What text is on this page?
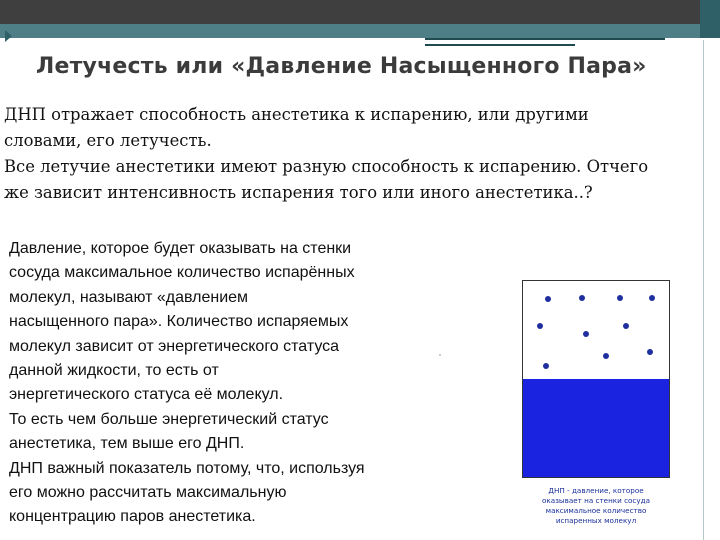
Летучесть или «Давление Насыщенного Пара»

ДНП отражает способность анестетика к испарению, или другими

словами, его летучесть.

Все летучие анестетики имеют разную способность к испарению. Отчего

же зависит интенсивность испарения того или иного анестетика..?

Давление, которое будет оказывать на стенки
сосуда максимальное количество испарённых
молекул, называют «давлением
насыщенного пара». Количество испаряемых
молекул зависит от энергетического статуса
данной жидкости, то есть от
энергетического статуса её молекул.
То есть чем больше энергетический статус
анестетика, тем выше его ДНП.
ДНП важный показатель потому, что, используя
его можно рассчитать максимальную
концентрацию паров анестетика.
ДНП - давление, которое
оказывает на стенки сосуда
максимальное количество
испаренных молекул
